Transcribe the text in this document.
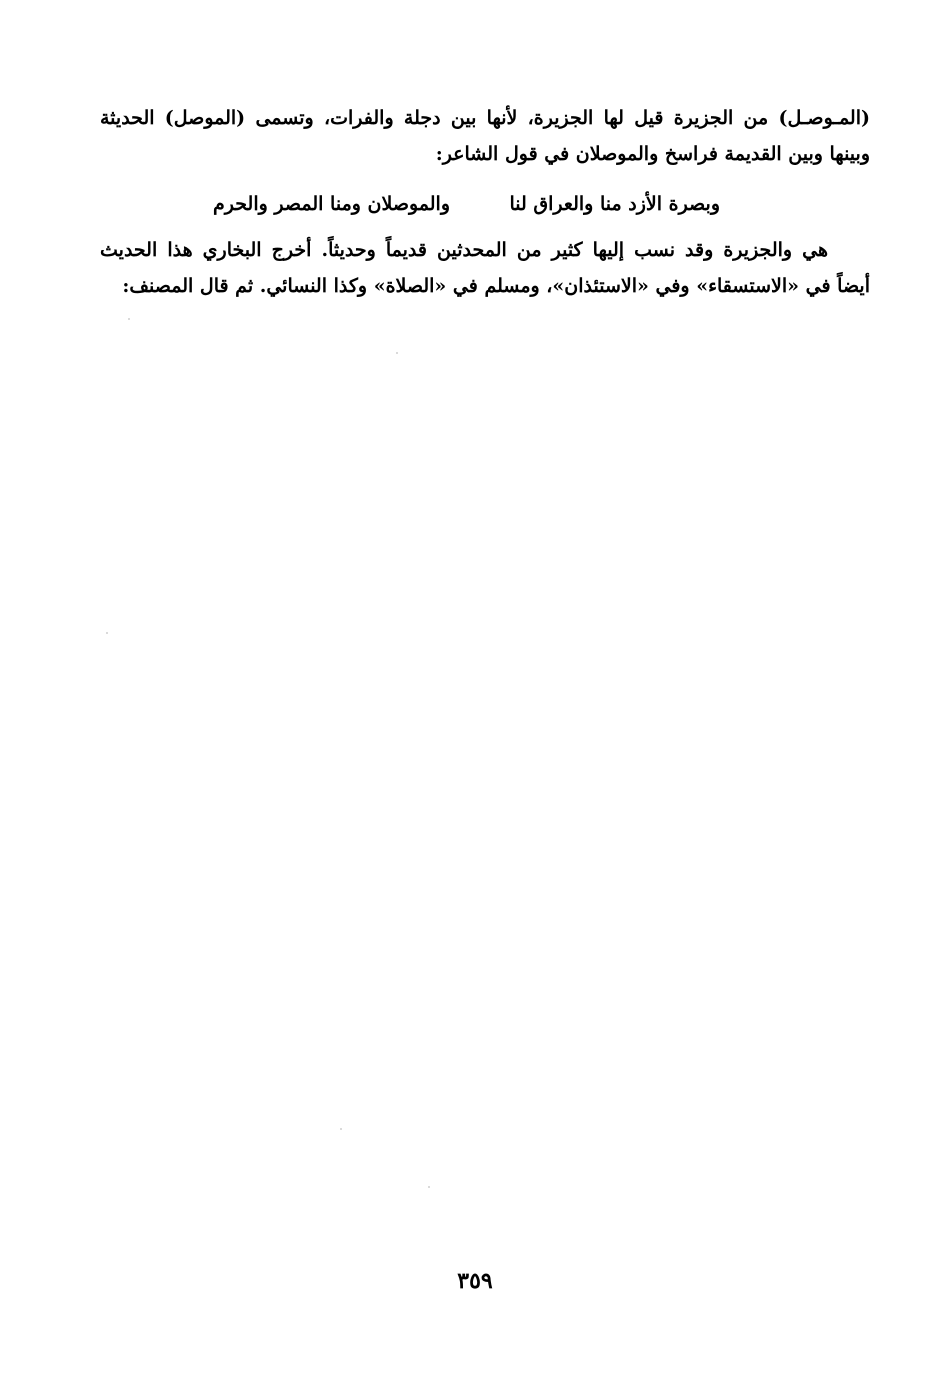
(المـوصـل) من الجزيرة قيل لها الجزيرة، لأنها بين دجلة والفرات، وتسمى (الموصل) الحديثة
وبينها وبين القديمة فراسخ والموصلان في قول الشاعر:
وبصرة الأزد منا والعراق لنا
والموصلان ومنا المصر والحرم
هي والجزيرة وقد نسب إليها كثير من المحدثين قديماً وحديثاً. أخرج البخاري هذا الحديث
أيضاً في «الاستسقاء» وفي «الاستئذان»، ومسلم في «الصلاة» وكذا النسائي. ثم قال المصنف:
٣٥٩
